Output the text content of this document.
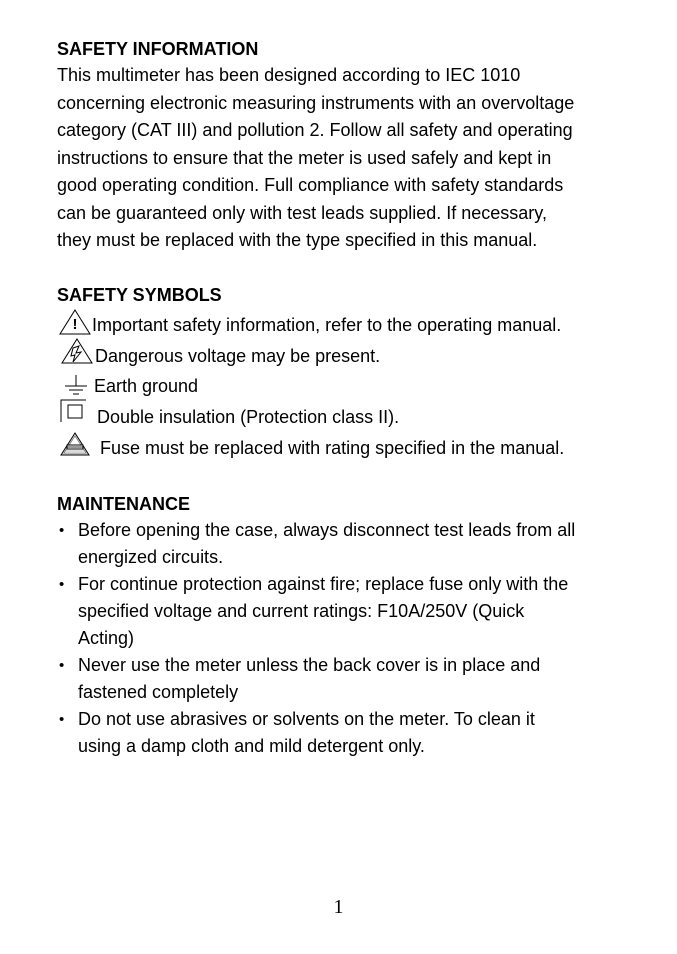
SAFETY INFORMATION
This multimeter has been designed according to IEC 1010
concerning electronic measuring instruments with an overvoltage
category (CAT III) and pollution 2. Follow all safety and operating
instructions to ensure that the meter is used safely and kept in
good operating condition. Full compliance with safety standards
can be guaranteed only with test leads supplied. If necessary,
they must be replaced with the type specified in this manual.
SAFETY SYMBOLS
! Important safety information, refer to the operating manual.
Dangerous voltage may be present.
Earth ground
Double insulation (Protection class II).
Fuse must be replaced with rating specified in the manual.
MAINTENANCE
• Before opening the case, always disconnect test leads from all
energized circuits.
• For continue protection against fire; replace fuse only with the
specified voltage and current ratings: F10A/250V (Quick
Acting)
• Never use the meter unless the back cover is in place and
fastened completely
• Do not use abrasives or solvents on the meter. To clean it
using a damp cloth and mild detergent only.
1
